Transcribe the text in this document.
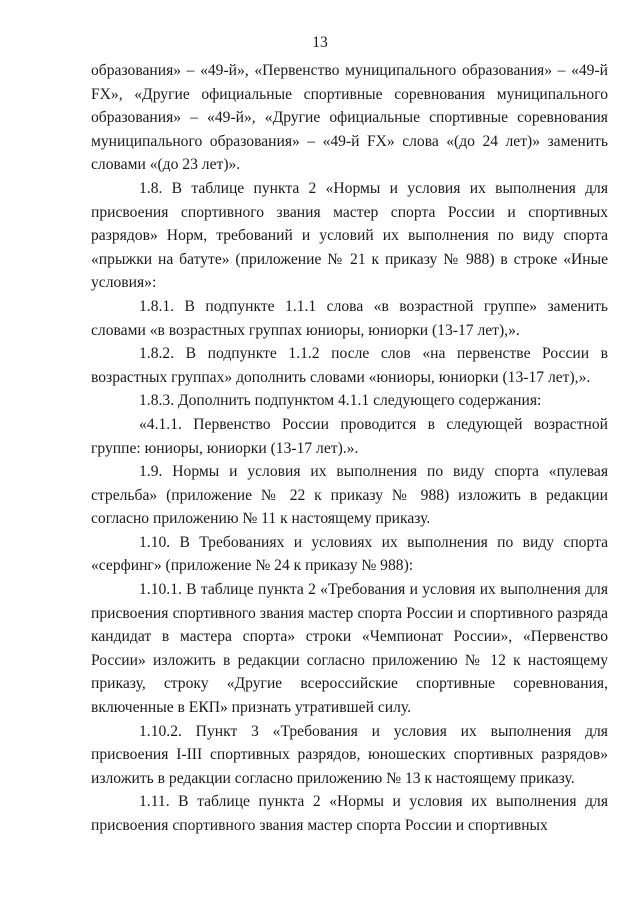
13

образования» – «49-й», «Первенство муниципального образования» – «49-й FX», «Другие официальные спортивные соревнования муниципального образования» – «49-й», «Другие официальные спортивные соревнования муниципального образования» – «49-й FX» слова «(до 24 лет)» заменить словами «(до 23 лет)».

1.8. В таблице пункта 2 «Нормы и условия их выполнения для присвоения спортивного звания мастер спорта России и спортивных разрядов» Норм, требований и условий их выполнения по виду спорта «прыжки на батуте» (приложение № 21 к приказу № 988) в строке «Иные условия»:

1.8.1. В подпункте 1.1.1 слова «в возрастной группе» заменить словами «в возрастных группах юниоры, юниорки (13-17 лет),».

1.8.2. В подпункте 1.1.2 после слов «на первенстве России в возрастных группах» дополнить словами «юниоры, юниорки (13-17 лет),».

1.8.3. Дополнить подпунктом 4.1.1 следующего содержания:

«4.1.1. Первенство России проводится в следующей возрастной группе: юниоры, юниорки (13-17 лет).».

1.9. Нормы и условия их выполнения по виду спорта «пулевая стрельба» (приложение № 22 к приказу № 988) изложить в редакции согласно приложению № 11 к настоящему приказу.

1.10. В Требованиях и условиях их выполнения по виду спорта «серфинг» (приложение № 24 к приказу № 988):

1.10.1. В таблице пункта 2 «Требования и условия их выполнения для присвоения спортивного звания мастер спорта России и спортивного разряда кандидат в мастера спорта» строки «Чемпионат России», «Первенство России» изложить в редакции согласно приложению № 12 к настоящему приказу, строку «Другие всероссийские спортивные соревнования, включенные в ЕКП» признать утратившей силу.

1.10.2. Пункт 3 «Требования и условия их выполнения для присвоения I-III спортивных разрядов, юношеских спортивных разрядов» изложить в редакции согласно приложению № 13 к настоящему приказу.

1.11. В таблице пункта 2 «Нормы и условия их выполнения для присвоения спортивного звания мастер спорта России и спортивных
